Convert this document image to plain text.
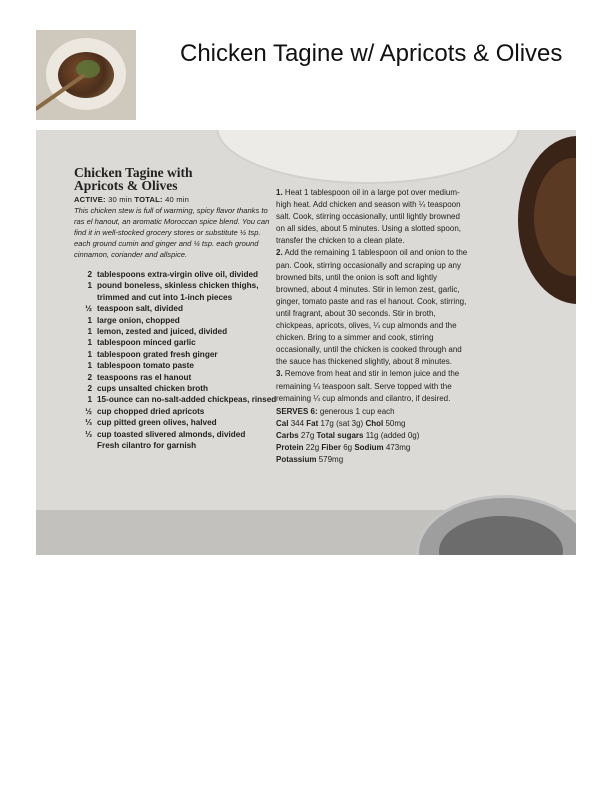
Chicken Tagine w/ Apricots & Olives
Chicken Tagine with
Apricots & Olives
ACTIVE: 30 min TOTAL: 40 min
This chicken stew is full of warming, spicy flavor thanks to ras el hanout, an aromatic Moroccan spice blend. You can find it in well-stocked grocery stores or substitute ½ tsp. each ground cumin and ginger and ¼ tsp. each ground cinnamon, coriander and allspice.
2 tablespoons extra-virgin olive oil, divided
1 pound boneless, skinless chicken thighs, trimmed and cut into 1-inch pieces
½ teaspoon salt, divided
1 large onion, chopped
1 lemon, zested and juiced, divided
1 tablespoon minced garlic
1 tablespoon grated fresh ginger
1 tablespoon tomato paste
2 teaspoons ras el hanout
2 cups unsalted chicken broth
1 15-ounce can no-salt-added chickpeas, rinsed
½ cup chopped dried apricots
⅓ cup pitted green olives, halved
⅓ cup toasted slivered almonds, divided
Fresh cilantro for garnish

1. Heat 1 tablespoon oil in a large pot over medium-high heat. Add chicken and season with ¼ teaspoon salt. Cook, stirring occasionally, until lightly browned on all sides, about 5 minutes. Using a slotted spoon, transfer the chicken to a clean plate.

2. Add the remaining 1 tablespoon oil and onion to the pan. Cook, stirring occasionally and scraping up any browned bits, until the onion is soft and lightly browned, about 4 minutes. Stir in lemon zest, garlic, ginger, tomato paste and ras el hanout. Cook, stirring, until fragrant, about 30 seconds. Stir in broth, chickpeas, apricots, olives, ¼ cup almonds and the chicken. Bring to a simmer and cook, stirring occasionally, until the chicken is cooked through and the sauce has thickened slightly, about 8 minutes.

3. Remove from heat and stir in lemon juice and the remaining ¼ teaspoon salt. Serve topped with the remaining ¼ cup almonds and cilantro, if desired.

SERVES 6: generous 1 cup each
Cal 344 Fat 17g (sat 3g) Chol 50mg
Carbs 27g Total sugars 11g (added 0g)
Protein 22g Fiber 6g Sodium 473mg
Potassium 579mg
